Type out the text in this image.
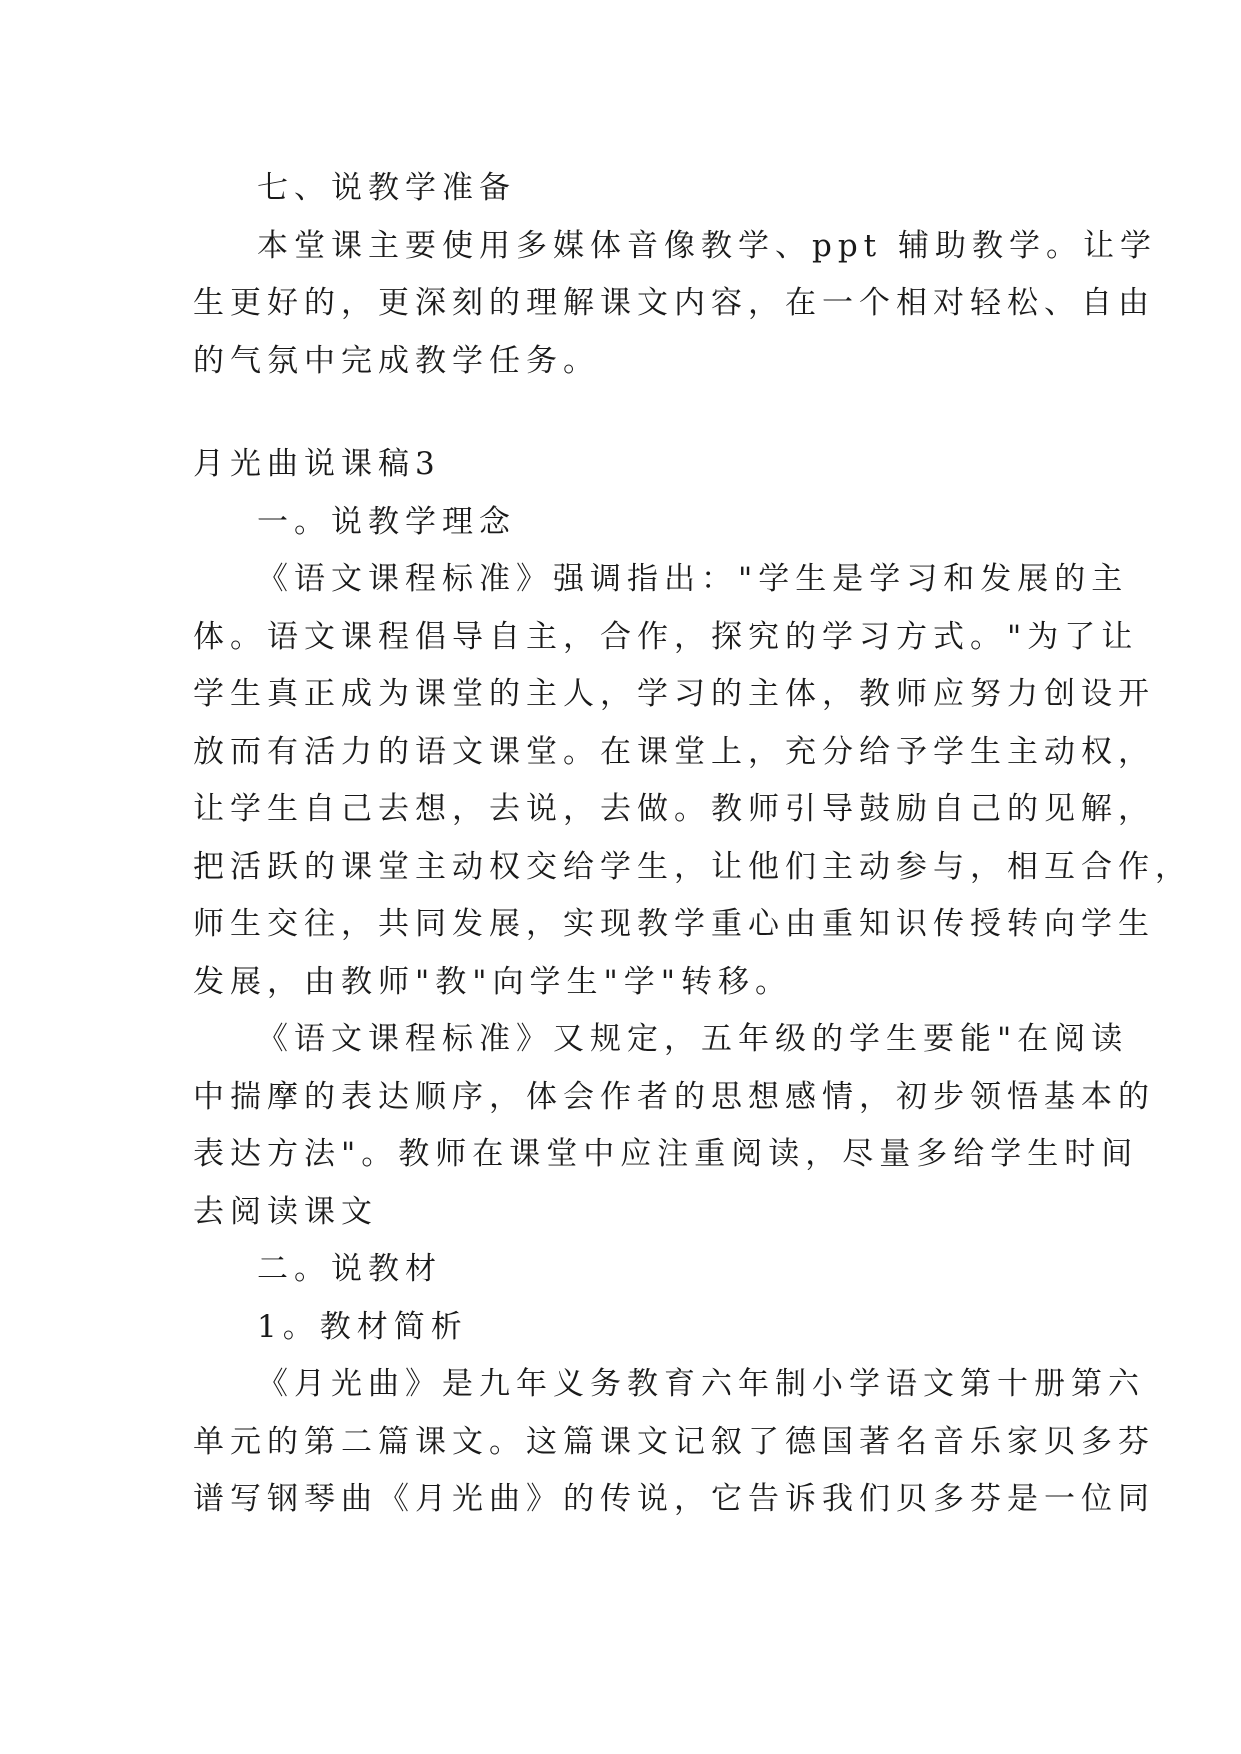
七、说教学准备
本堂课主要使用多媒体音像教学、ppt 辅助教学。让学
生更好的，更深刻的理解课文内容，在一个相对轻松、自由
的气氛中完成教学任务。
月光曲说课稿3
一。说教学理念
《语文课程标准》强调指出："学生是学习和发展的主
体。语文课程倡导自主，合作，探究的学习方式。"为了让
学生真正成为课堂的主人，学习的主体，教师应努力创设开
放而有活力的语文课堂。在课堂上，充分给予学生主动权，
让学生自己去想，去说，去做。教师引导鼓励自己的见解，
把活跃的课堂主动权交给学生，让他们主动参与，相互合作，
师生交往，共同发展，实现教学重心由重知识传授转向学生
发展，由教师"教"向学生"学"转移。
《语文课程标准》又规定，五年级的学生要能"在阅读
中揣摩的表达顺序，体会作者的思想感情，初步领悟基本的
表达方法"。教师在课堂中应注重阅读，尽量多给学生时间
去阅读课文
二。说教材
1。教材简析
《月光曲》是九年义务教育六年制小学语文第十册第六
单元的第二篇课文。这篇课文记叙了德国著名音乐家贝多芬
谱写钢琴曲《月光曲》的传说，它告诉我们贝多芬是一位同
